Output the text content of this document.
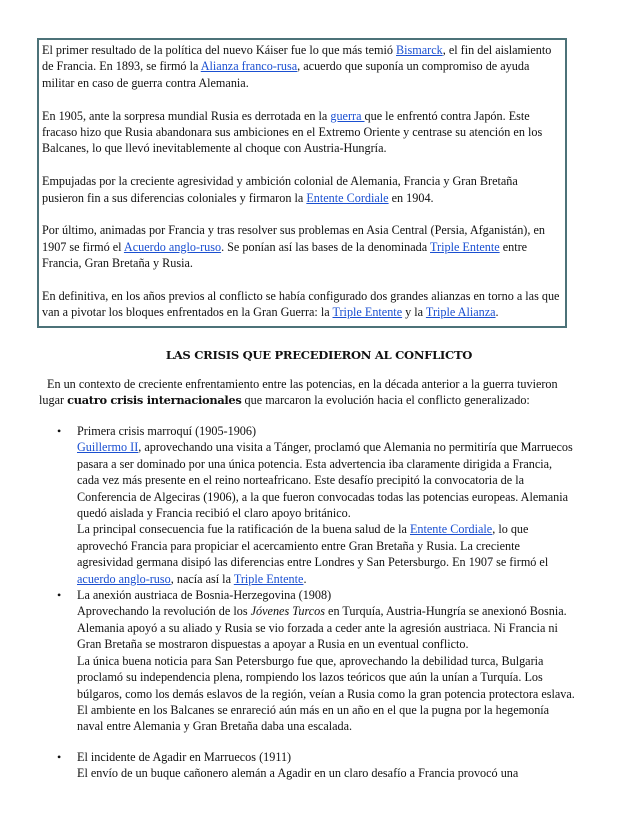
El primer resultado de la política del nuevo Káiser fue lo que más temió Bismarck, el fin del aislamiento de Francia. En 1893, se firmó la Alianza franco-rusa, acuerdo que suponía un compromiso de ayuda militar en caso de guerra contra Alemania.

En 1905, ante la sorpresa mundial Rusia es derrotada en la guerra que le enfrentó contra Japón. Este fracaso hizo que Rusia abandonara sus ambiciones en el Extremo Oriente y centrase su atención en los Balcanes, lo que llevó inevitablemente al choque con Austria-Hungría.

Empujadas por la creciente agresividad y ambición colonial de Alemania, Francia y Gran Bretaña pusieron fin a sus diferencias coloniales y firmaron la Entente Cordiale en 1904.

Por último, animadas por Francia y tras resolver sus problemas en Asia Central (Persia, Afganistán), en 1907 se firmó el Acuerdo anglo-ruso. Se ponían así las bases de la denominada Triple Entente entre Francia, Gran Bretaña y Rusia.

En definitiva, en los años previos al conflicto se había configurado dos grandes alianzas en torno a las que van a pivotar los bloques enfrentados en la Gran Guerra: la Triple Entente y la Triple Alianza.

LAS CRISIS QUE PRECEDIERON AL CONFLICTO

En un contexto de creciente enfrentamiento entre las potencias, en la década anterior a la guerra tuvieron lugar cuatro crisis internacionales que marcaron la evolución hacia el conflicto generalizado:

• Primera crisis marroquí (1905-1906)
Guillermo II, aprovechando una visita a Tánger, proclamó que Alemania no permitiría que Marruecos pasara a ser dominado por una única potencia. Esta advertencia iba claramente dirigida a Francia, cada vez más presente en el reino norteafricano. Este desafío precipitó la convocatoria de la Conferencia de Algeciras (1906), a la que fueron convocadas todas las potencias europeas. Alemania quedó aislada y Francia recibió el claro apoyo británico.
La principal consecuencia fue la ratificación de la buena salud de la Entente Cordiale, lo que aprovechó Francia para propiciar el acercamiento entre Gran Bretaña y Rusia. La creciente agresividad germana disipó las diferencias entre Londres y San Petersburgo. En 1907 se firmó el acuerdo anglo-ruso, nacía así la Triple Entente.
• La anexión austriaca de Bosnia-Herzegovina (1908)
Aprovechando la revolución de los Jóvenes Turcos en Turquía, Austria-Hungría se anexionó Bosnia. Alemania apoyó a su aliado y Rusia se vio forzada a ceder ante la agresión austriaca. Ni Francia ni Gran Bretaña se mostraron dispuestas a apoyar a Rusia en un eventual conflicto.
La única buena noticia para San Petersburgo fue que, aprovechando la debilidad turca, Bulgaria proclamó su independencia plena, rompiendo los lazos teóricos que aún la unían a Turquía. Los búlgaros, como los demás eslavos de la región, veían a Rusia como la gran potencia protectora eslava.
El ambiente en los Balcanes se enrareció aún más en un año en el que la pugna por la hegemonía naval entre Alemania y Gran Bretaña daba una escalada.
• El incidente de Agadir en Marruecos (1911)
El envío de un buque cañonero alemán a Agadir en un claro desafío a Francia provocó una
